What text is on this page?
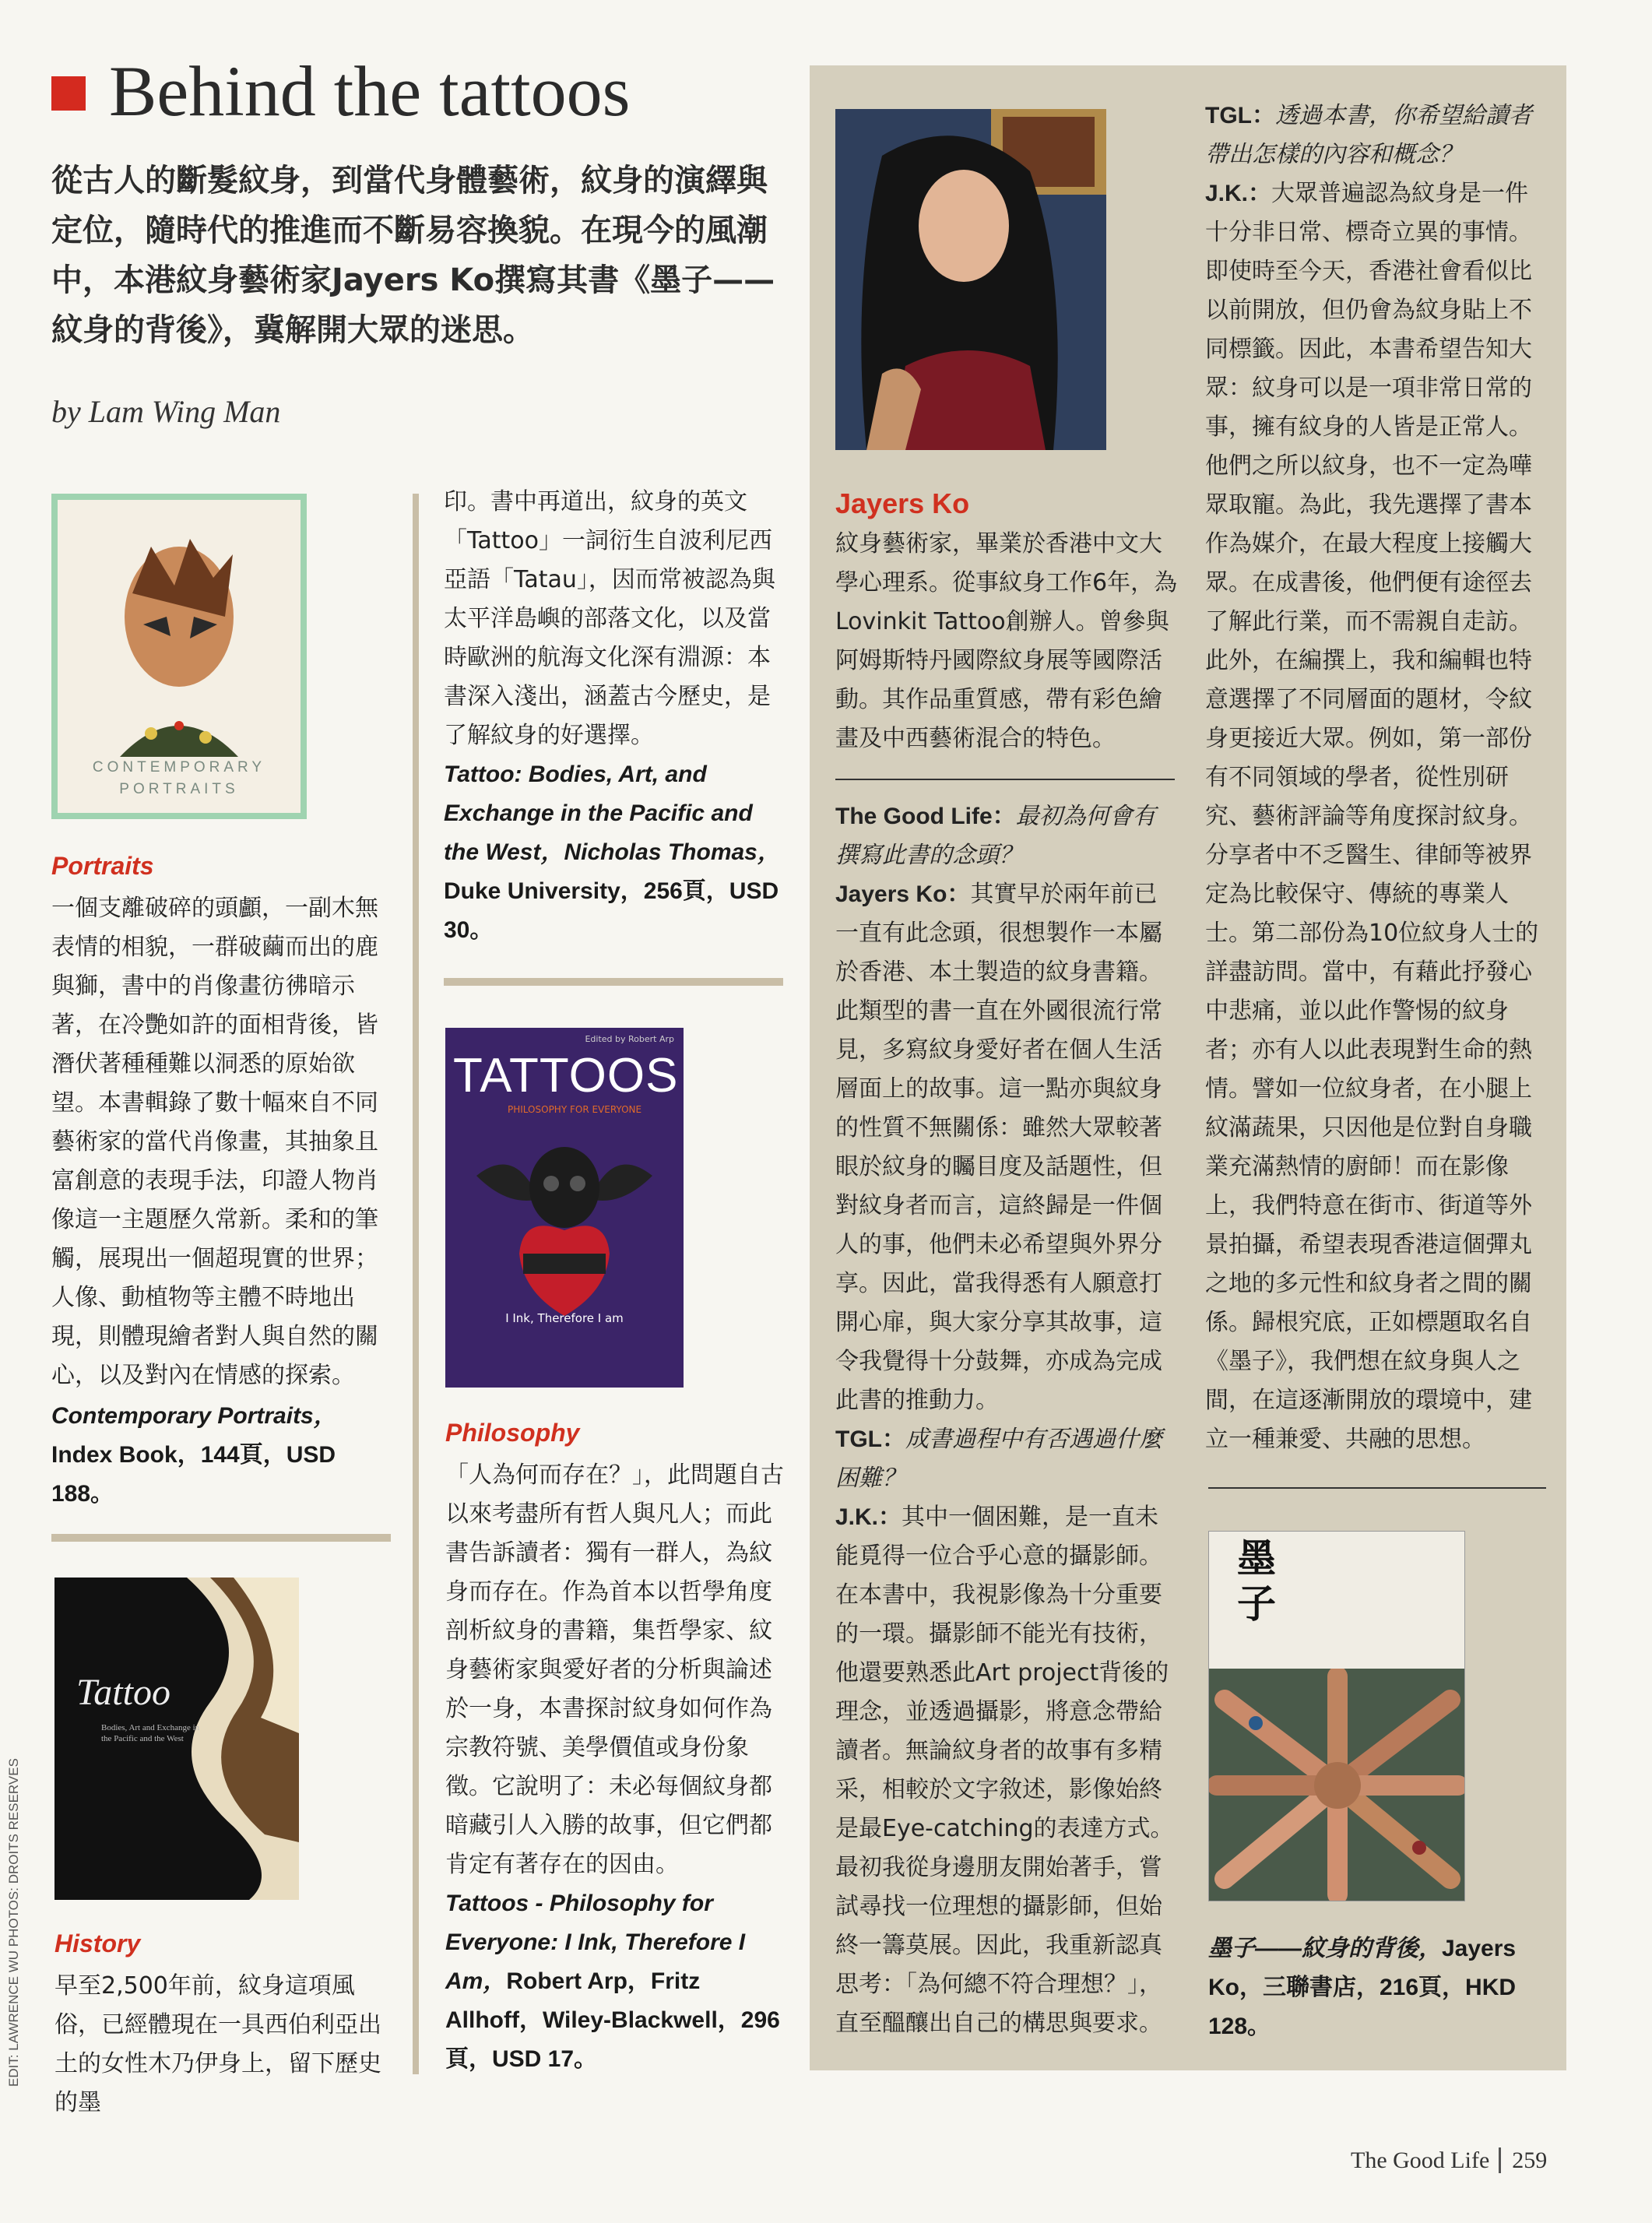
Behind the tattoos
從古人的斷髮紋身，到當代身體藝術，紋身的演繹與定位，隨時代的推進而不斷易容換貌。在現今的風潮中，本港紋身藝術家Jayers Ko撰寫其書《墨子——紋身的背後》，冀解開大眾的迷思。
by Lam Wing Man
CONTEMPORARY PORTRAITS
Portraits
一個支離破碎的頭顱，一副木無表情的相貌，一群破繭而出的鹿與獅，書中的肖像畫彷彿暗示著，在冷艷如許的面相背後，皆潛伏著種種難以洞悉的原始欲望。本書輯錄了數十幅來自不同藝術家的當代肖像畫，其抽象且富創意的表現手法，印證人物肖像這一主題歷久常新。柔和的筆觸，展現出一個超現實的世界；人像、動植物等主體不時地出現，則體現繪者對人與自然的關心，以及對內在情感的探索。
Contemporary Portraits，Index Book，144頁，USD 188。
Tattoo
Bodies, Art and Exchange in the Pacific and the West
History
早至2,500年前，紋身這項風俗，已經體現在一具西伯利亞出土的女性木乃伊身上，留下歷史的墨
印。書中再道出，紋身的英文「Tattoo」一詞衍生自波利尼西亞語「Tatau」，因而常被認為與太平洋島嶼的部落文化，以及當時歐洲的航海文化深有淵源：本書深入淺出，涵蓋古今歷史，是了解紋身的好選擇。
Tattoo: Bodies, Art, and Exchange in the Pacific and the West，Nicholas Thomas，Duke University，256頁，USD 30。
Edited by Robert Arp
TATTOOS
PHILOSOPHY FOR EVERYONE
I Ink, Therefore I am
Philosophy
「人為何而存在？」，此問題自古以來考盡所有哲人與凡人；而此書告訴讀者：獨有一群人，為紋身而存在。作為首本以哲學角度剖析紋身的書籍，集哲學家、紋身藝術家與愛好者的分析與論述於一身，本書探討紋身如何作為宗教符號、美學價值或身份象徵。它說明了：未必每個紋身都暗藏引人入勝的故事，但它們都肯定有著存在的因由。
Tattoos - Philosophy for Everyone: I Ink, Therefore I Am，Robert Arp，Fritz Allhoff，Wiley-Blackwell，296頁，USD 17。
Jayers Ko
紋身藝術家，畢業於香港中文大學心理系。從事紋身工作6年，為Lovinkit Tattoo創辦人。曾參與阿姆斯特丹國際紋身展等國際活動。其作品重質感，帶有彩色繪畫及中西藝術混合的特色。
The Good Life：最初為何會有撰寫此書的念頭？
Jayers Ko：其實早於兩年前已一直有此念頭，很想製作一本屬於香港、本土製造的紋身書籍。此類型的書一直在外國很流行常見，多寫紋身愛好者在個人生活層面上的故事。這一點亦與紋身的性質不無關係：雖然大眾較著眼於紋身的矚目度及話題性，但對紋身者而言，這終歸是一件個人的事，他們未必希望與外界分享。因此，當我得悉有人願意打開心扉，與大家分享其故事，這令我覺得十分鼓舞，亦成為完成此書的推動力。
TGL：成書過程中有否遇過什麼困難？
J.K.：其中一個困難，是一直未能覓得一位合乎心意的攝影師。在本書中，我視影像為十分重要的一環。攝影師不能光有技術，他還要熟悉此Art project背後的理念，並透過攝影，將意念帶給讀者。無論紋身者的故事有多精采，相較於文字敘述，影像始終是最Eye-catching的表達方式。最初我從身邊朋友開始著手，嘗試尋找一位理想的攝影師，但始終一籌莫展。因此，我重新認真思考：「為何總不符合理想？」，直至醞釀出自己的構思與要求。
TGL：透過本書，你希望給讀者帶出怎樣的內容和概念？
J.K.：大眾普遍認為紋身是一件十分非日常、標奇立異的事情。即使時至今天，香港社會看似比以前開放，但仍會為紋身貼上不同標籤。因此，本書希望告知大眾：紋身可以是一項非常日常的事，擁有紋身的人皆是正常人。他們之所以紋身，也不一定為嘩眾取寵。為此，我先選擇了書本作為媒介，在最大程度上接觸大眾。在成書後，他們便有途徑去了解此行業，而不需親自走訪。此外，在編撰上，我和編輯也特意選擇了不同層面的題材，令紋身更接近大眾。例如，第一部份有不同領域的學者，從性別研究、藝術評論等角度探討紋身。分享者中不乏醫生、律師等被界定為比較保守、傳統的專業人士。第二部份為10位紋身人士的詳盡訪問。當中，有藉此抒發心中悲痛，並以此作警惕的紋身者；亦有人以此表現對生命的熱情。譬如一位紋身者，在小腿上紋滿蔬果，只因他是位對自身職業充滿熱情的廚師！而在影像上，我們特意在街市、街道等外景拍攝，希望表現香港這個彈丸之地的多元性和紋身者之間的關係。歸根究底，正如標題取名自《墨子》，我們想在紋身與人之間，在這逐漸開放的環境中，建立一種兼愛、共融的思想。
墨子
墨子——紋身的背後，Jayers Ko，三聯書店，216頁，HKD 128。
The Good Life 259
EDIT: LAWRENCE WU PHOTOS: DROITS RESERVES
